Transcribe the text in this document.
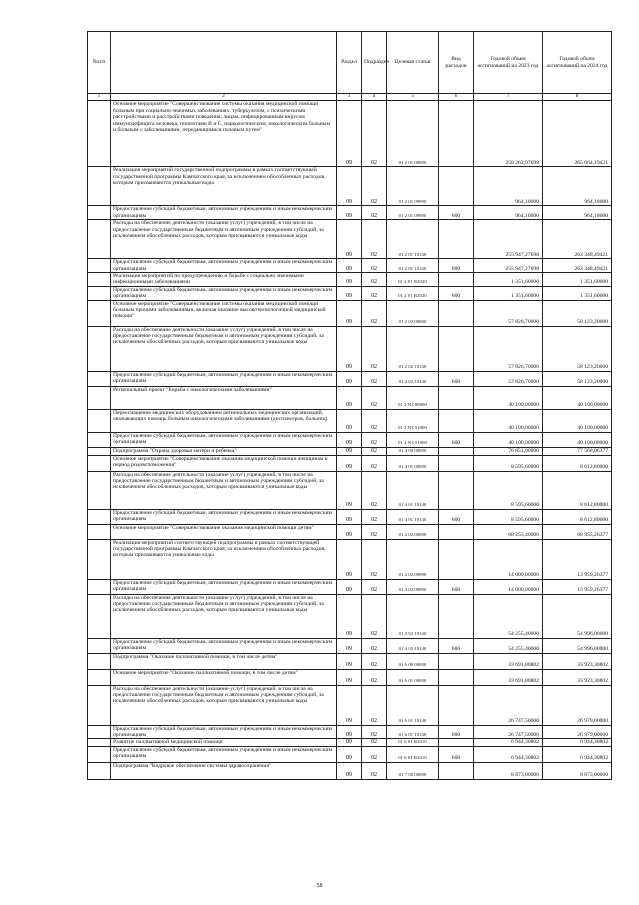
№п/п		Раздел	Подраздел	Целевая статья	Вид расходов	Годовой объем ассигнований на 2023 год	Годовой объем ассигнований на 2024 год
1	2	3	4	5	6	7	8
	Основное мероприятие "Совершенствование системы оказания медицинской помощи больным при социально-значимых заболеваниях: туберкулезом, с психическими расстройствами и расстройствами поведения, лицам, инфицированным вирусом иммунодефицита человека, гепатитами В и С, наркологическим, онкологическим больным и больным с заболеваниями, передающимися половым путем"	09	02	01 2 01 00000		258 262,97698	265 664,19421
	Реализация мероприятий государственной подпрограммы в рамках соответствующей государственной программы Камчатского края, за исключением обособленных расходов, которым присваиваются уникальные коды	09	02	01 2 01 09990		964,10000	964,10000
	Предоставление субсидий бюджетным, автономным учреждениям и иным некоммерческим организациям	09	02	01 2 01 09990	600	964,10000	964,10000
	Расходы на обеспечение деятельности (оказание услуг) учреждений, в том числе на предоставление государственным бюджетным и автономным учреждениям субсидий, за исключением обособленных расходов, которым присваиваются уникальные коды	09	02	01 2 01 10140		255 947,27698	263 348,49421
	Предоставление субсидий бюджетным, автономным учреждениям и иным некоммерческим организациям	09	02	01 2 01 10140	600	255 947,27698	263 348,49421
	Реализация мероприятий по предупреждению и борьбе с социально значимыми инфекционными заболеваниями	09	02	01 2 01 R2020		1 351,60000	1 351,60000
	Предоставление субсидий бюджетным, автономным учреждениям и иным некоммерческим организациям	09	02	01 2 01 R2020	600	1 351,60000	1 351,60000
	Основное мероприятие "Совершенствование системы оказания медицинской помощи больным прочими заболеваниями, включая оказание высокотехнологичной медицинской помощи"	09	02	01 2 02 00000		57 826,70000	58 123,20000
	Расходы на обеспечение деятельности (оказание услуг) учреждений, в том числе на предоставление государственным бюджетным и автономным учреждениям субсидий, за исключением обособленных расходов, которым присваиваются уникальные коды	09	02	01 2 02 10140		57 826,70000	58 123,20000
	Предоставление субсидий бюджетным, автономным учреждениям и иным некоммерческим организациям	09	02	01 2 02 10140	600	57 826,70000	58 123,20000
	Региональный проект "Борьба с онкологическими заболеваниями"	09	02	01 2 N3 00000		40 100,00000	40 100,00000
	Переоснащение медицинских оборудованием региональных медицинских организаций, оказывающих помощь больным онкологическими заболеваниями (диспансеров, больниц)	09	02	01 2 N3 51900		40 100,00000	40 100,00000
	Предоставление субсидий бюджетным, автономным учреждениям и иным некоммерческим организациям	09	02	01 2 N3 51900	600	40 100,00000	40 100,00000
	Подпрограмма "Охрана здоровья матери и ребенка"	09	02	01 4 00 00000		76 851,00000	77 568,06377
	Основное мероприятие "Совершенствование оказания медицинской помощи женщинам в период родовспоможения"	09	02	01 4 01 00000		8 595,60000	8 612,80000
	Расходы на обеспечение деятельности (оказание услуг) учреждений, в том числе на предоставление государственным бюджетным и автономным учреждениям субсидий, за исключением обособленных расходов, которым присваиваются уникальные коды	09	02	01 4 01 10140		8 595,60000	8 612,80000
	Предоставление субсидий бюджетным, автономным учреждениям и иным некоммерческим организациям	09	02	01 4 01 10140	600	8 595,60000	8 612,80000
	Основное мероприятие "Совершенствование оказания медицинской помощи детям"	09	02	01 4 02 00000		68 255,40000	68 955,26377
	Реализация мероприятий соответствующей подпрограммы в рамках соответствующей государственной программы Камчатского края, за исключением обособленных расходов, которым присваиваются уникальные коды	09	02	01 4 02 09990		14 000,00000	13 959,26377
	Предоставление субсидий бюджетным, автономным учреждениям и иным некоммерческим организациям	09	02	01 4 02 09990	600	14 000,00000	13 959,26377
	Расходы на обеспечение деятельности (оказание услуг) учреждений, в том числе на предоставление государственным бюджетным и автономным учреждениям субсидий, за исключением обособленных расходов, которым присваиваются уникальные коды	09	02	01 4 02 10140		54 255,40000	54 996,00000
	Предоставление субсидий бюджетным, автономным учреждениям и иным некоммерческим организациям	09	02	01 4 02 10140	600	54 255,40000	54 996,00000
	Подпрограмма "Оказание паллиативной помощи, в том числе детям"	09	02	01 6 00 00000		33 691,80802	33 923,30802
	Основное мероприятие "Оказание паллиативной помощи, в том числе детям"	09	02	01 6 01 00000		33 691,80802	33 923,30802
	Расходы на обеспечение деятельности (оказание услуг) учреждений, в том числе на предоставление государственным бюджетным и автономным учреждениям субсидий, за исключением обособленных расходов, которым присваиваются уникальные коды	09	02	01 6 01 10140		26 747,50000	26 979,00000
	Предоставление субсидий бюджетным, автономным учреждениям и иным некоммерческим организациям	09	02	01 6 01 10140	600	26 747,50000	26 979,00000
	Развитие паллиативной медицинской помощи	09	02	01 6 01 R2010		6 944,30802	6 944,30802
	Предоставление субсидий бюджетным, автономным учреждениям и иным некоммерческим организациям	09	02	01 6 01 R2010	600	6 944,30802	6 944,30802
	Подпрограмма "Кадровое обеспечение системы здравоохранения"	09	02	01 7 00 00000		8 873,00000	8 873,00000
58
